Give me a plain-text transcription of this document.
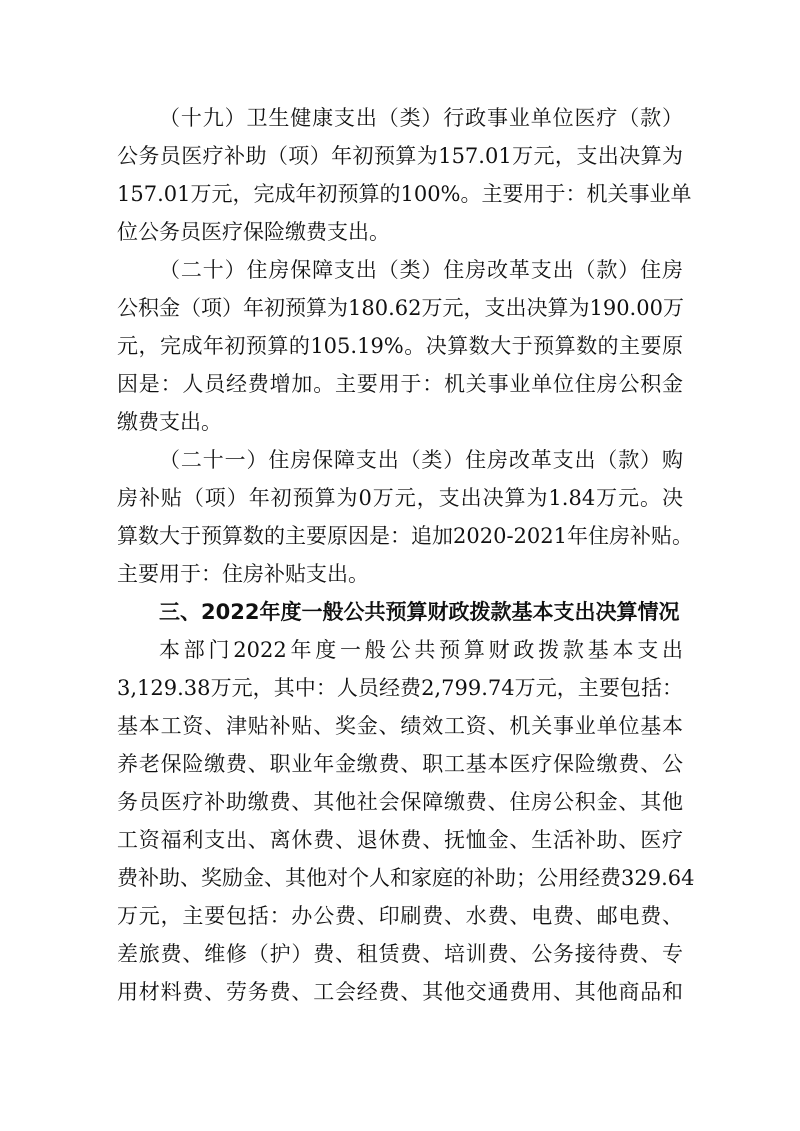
（十九）卫生健康支出（类）行政事业单位医疗（款）
公务员医疗补助（项）年初预算为157.01万元，支出决算为
157.01万元，完成年初预算的100%。主要用于：机关事业单
位公务员医疗保险缴费支出。
（二十）住房保障支出（类）住房改革支出（款）住房
公积金（项）年初预算为180.62万元，支出决算为190.00万
元，完成年初预算的105.19%。决算数大于预算数的主要原
因是：人员经费增加。主要用于：机关事业单位住房公积金
缴费支出。
（二十一）住房保障支出（类）住房改革支出（款）购
房补贴（项）年初预算为0万元，支出决算为1.84万元。决
算数大于预算数的主要原因是：追加2020-2021年住房补贴。
主要用于：住房补贴支出。
三、2022年度一般公共预算财政拨款基本支出决算情况
本部门2022年度一般公共预算财政拨款基本支出
3,129.38万元，其中：人员经费2,799.74万元，主要包括：
基本工资、津贴补贴、奖金、绩效工资、机关事业单位基本
养老保险缴费、职业年金缴费、职工基本医疗保险缴费、公
务员医疗补助缴费、其他社会保障缴费、住房公积金、其他
工资福利支出、离休费、退休费、抚恤金、生活补助、医疗
费补助、奖励金、其他对个人和家庭的补助；公用经费329.64
万元，主要包括：办公费、印刷费、水费、电费、邮电费、
差旅费、维修（护）费、租赁费、培训费、公务接待费、专
用材料费、劳务费、工会经费、其他交通费用、其他商品和
